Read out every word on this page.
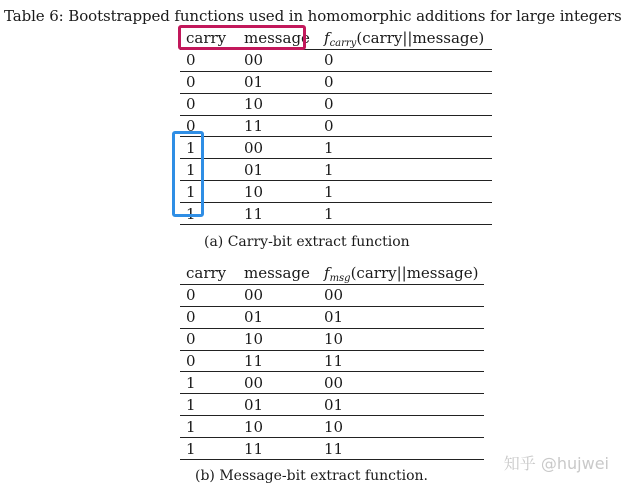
Table 6: Bootstrapped functions used in homomorphic additions for large integers
carry	message	$f_{carry}(carry||message)$
0	00	0
0	01	0
0	10	0
0	11	0
1	00	1
1	01	1
1	10	1
1	11	1
(a) Carry-bit extract function
carry	message	$f_{msg}(carry||message)$
0	00	00
0	01	01
0	10	10
0	11	11
1	00	00
1	01	01
1	10	10
1	11	11
(b) Message-bit extract function.
知乎 @hujwei
